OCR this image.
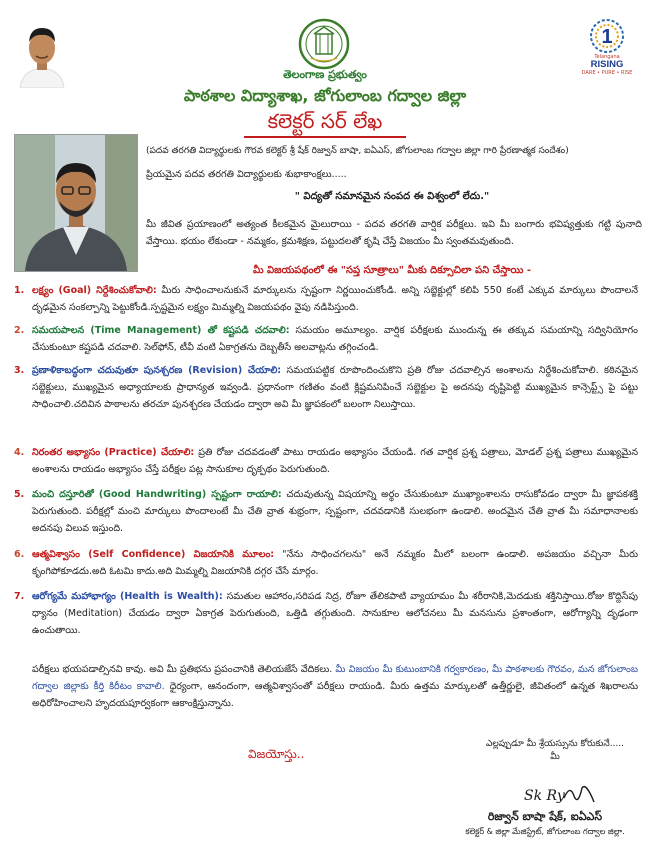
1
Telangana
RISING
DARE • PURE • RISE
తెలంగాణ ప్రభుత్వం
పాఠశాల విద్యాశాఖ, జోగులాంబ గద్వాల జిల్లా
కలెక్టర్ సర్ లేఖ
(పదవ తరగతి విద్యార్థులకు గౌరవ కలెక్టర్ శ్రీ షేక్ రిజ్వాన్ బాషా, ఐఏఎస్, జోగులాంబ గద్వాల జిల్లా గారి ప్రేరణాత్మక సందేశం)
ప్రియమైన పదవ తరగతి విద్యార్థులకు శుభాకాంక్షలు.....
" విద్యతో సమానమైన సంపద ఈ విశ్వంలో లేదు."
మీ జీవిత ప్రయాణంలో అత్యంత కీలకమైన మైలురాయి - పదవ తరగతి వార్షిక పరీక్షలు. ఇవి మీ బంగారు భవిష్యత్తుకు గట్టి పునాది వేస్తాయి. భయం లేకుండా - నమ్మకం, క్రమశిక్షణ, పట్టుదలతో కృషి చేస్తే విజయం మీ స్వంతమవుతుంది.
మీ విజయపథంలో ఈ "సప్త సూత్రాలు" మీకు దిక్సూచిలా పని చేస్తాయి -
1. లక్ష్యం (Goal) నిర్దేశించుకోవాలి: మీరు సాధించాలనుకునే మార్కులను స్పష్టంగా నిర్ణయించుకోండి. అన్ని సబ్జెక్టుల్లో కలిపి 550 కంటే ఎక్కువ మార్కులు పొందాలనే దృఢమైన సంకల్పాన్ని పెట్టుకోండి.స్పష్టమైన లక్ష్యం మిమ్మల్ని విజయపథం వైపు నడిపిస్తుంది.
2. సమయపాలన (Time Management) తో కష్టపడి చదవాలి: సమయం అమూల్యం. వార్షిక పరీక్షలకు ముందున్న ఈ తక్కువ సమయాన్ని సద్వినియోగం చేసుకుంటూ కష్టపడి చదవాలి. సెల్‌ఫోన్, టీవీ వంటి ఏకాగ్రతను దెబ్బతీసే అలవాట్లను తగ్గించండి.
3. ప్రణాళికాబద్ధంగా చదువుతూ పునశ్చరణ (Revision) చేయాలి: సమయపట్టిక రూపొందించుకొని ప్రతి రోజు చదవాల్సిన అంశాలను నిర్దేశించుకోవాలి. కఠినమైన సబ్జెక్టులు, ముఖ్యమైన అధ్యాయాలకు ప్రాధాన్యత ఇవ్వండి. ప్రధానంగా గణితం వంటి క్లిష్టమనిపించే సబ్జెక్టుల పై అదనపు దృష్టిపెట్టి ముఖ్యమైన కాన్సెప్ట్స్ పై పట్టు సాధించాలి.చదివిన పాఠాలను తరచూ పునశ్చరణ చేయడం ద్వారా అవి మీ జ్ఞాపకంలో బలంగా నిలుస్తాయి.
4. నిరంతర అభ్యాసం (Practice) చేయాలి: ప్రతి రోజు చదవడంతో పాటు రాయడం అభ్యాసం చేయండి. గత వార్షిక ప్రశ్న పత్రాలు, మోడల్ ప్రశ్న పత్రాలు ముఖ్యమైన అంశాలను రాయడం అభ్యాసం చేస్తే పరీక్షల పట్ల సానుకూల దృక్పథం పెరుగుతుంది.
5. మంచి దస్తూరితో (Good Handwriting) స్పష్టంగా రాయాలి: చదువుతున్న విషయాన్ని అర్థం చేసుకుంటూ ముఖ్యాంశాలను రాసుకోవడం ద్వారా మీ జ్ఞాపకశక్తి పెరుగుతుంది. పరీక్షల్లో మంచి మార్కులు పొందాలంటే మీ చేతి వ్రాత శుభ్రంగా, స్పష్టంగా, చదవడానికి సులభంగా ఉండాలి. అందమైన చేతి వ్రాత మీ సమాధానాలకు అదనపు విలువ ఇస్తుంది.
6. ఆత్మవిశ్వాసం (Self Confidence) విజయానికి మూలం: "నేను సాధించగలను" అనే నమ్మకం మీలో బలంగా ఉండాలి. అపజయం వచ్చినా మీరు కృంగిపోకూడదు.అది ఓటమి కాదు.అది మిమ్మల్ని విజయానికి దగ్గర చేసే మార్గం.
7. ఆరోగ్యమే మహాభాగ్యం (Health is Wealth): సమతుల ఆహారం,సరిపడ నిద్ర, రోజూ తేలికపాటి వ్యాయామం మీ శరీరానికి,మెదడుకు శక్తినిస్తాయి.రోజు కొద్దిసేపు ధ్యానం (Meditation) చేయడం ద్వారా ఏకాగ్రత పెరుగుతుంది, ఒత్తిడి తగ్గుతుంది. సానుకూల ఆలోచనలు మీ మనసును ప్రశాంతంగా, ఆరోగ్యాన్ని దృఢంగా ఉంచుతాయి.
పరీక్షలు భయపడాల్సినవి కావు. అవి మీ ప్రతిభను ప్రపంచానికి తెలియజేసే వేదికలు. మీ విజయం మీ కుటుంబానికి గర్వకారణం, మీ పాఠశాలకు గౌరవం, మన జోగులాంబ గద్వాల జిల్లాకు కీర్తి కిరీటం కావాలి. ధైర్యంగా, ఆనందంగా, ఆత్మవిశ్వాసంతో పరీక్షలు రాయండి. మీరు ఉత్తమ మార్కులతో ఉత్తీర్ణులై, జీవితంలో ఉన్నత శిఖరాలను అధిరోహించాలని హృదయపూర్వకంగా ఆకాంక్షిస్తున్నాను.
విజయోస్తు..
ఎల్లప్పుడూ మీ శ్రేయస్సును కోరుకునే.....
మీ
Sk Ry
రిజ్వాన్ బాషా షేక్, ఐఏఎస్
కలెక్టర్ & జిల్లా మేజిస్ట్రేట్, జోగులాంబ గద్వాల జిల్లా.
